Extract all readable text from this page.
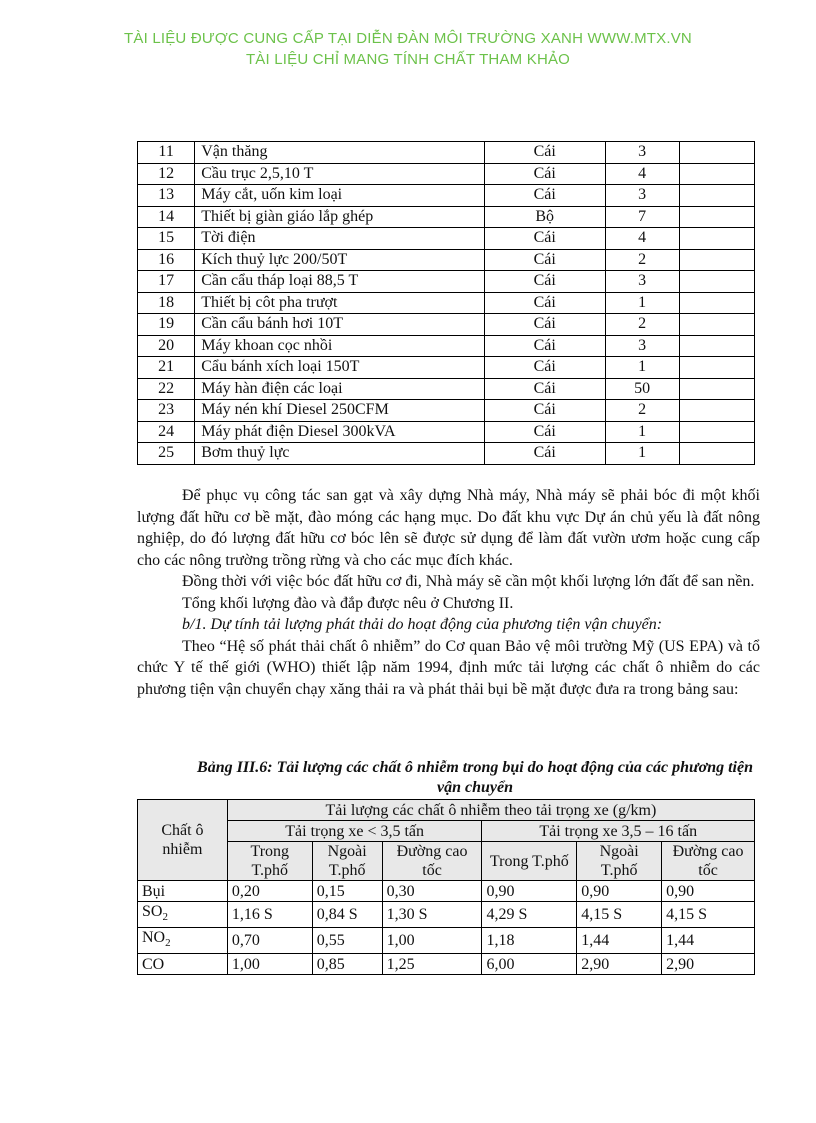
TÀI LIỆU ĐƯỢC CUNG CẤP TẠI DIỄN ĐÀN MÔI TRƯỜNG XANH WWW.MTX.VN
TÀI LIỆU CHỈ MANG TÍNH CHẤT THAM KHẢO
11	Vận thăng	Cái	3	
12	Cầu trục 2,5,10 T	Cái	4	
13	Máy cắt, uốn kim loại	Cái	3	
14	Thiết bị giàn giáo lắp ghép	Bộ	7	
15	Tời điện	Cái	4	
16	Kích thuỷ lực 200/50T	Cái	2	
17	Cần cẩu tháp loại 88,5 T	Cái	3	
18	Thiết bị côt pha trượt	Cái	1	
19	Cần cẩu bánh hơi 10T	Cái	2	
20	Máy khoan cọc nhồi	Cái	3	
21	Cẩu bánh xích loại 150T	Cái	1	
22	Máy hàn điện các loại	Cái	50	
23	Máy nén khí Diesel 250CFM	Cái	2	
24	Máy phát điện Diesel 300kVA	Cái	1	
25	Bơm thuỷ lực	Cái	1	

Để phục vụ công tác san gạt và xây dựng Nhà máy, Nhà máy sẽ phải bóc đi một khối lượng đất hữu cơ bề mặt, đào móng các hạng mục. Do đất khu vực Dự án chủ yếu là đất nông nghiệp, do đó lượng đất hữu cơ bóc lên sẽ được sử dụng để làm đất vườn ươm hoặc cung cấp cho các nông trường trồng rừng và cho các mục đích khác.

Đồng thời với việc bóc đất hữu cơ đi, Nhà máy sẽ cần một khối lượng lớn đất để san nền.

Tổng khối lượng đào và đắp được nêu ở Chương II.

b/1. Dự tính tải lượng phát thải do hoạt động của phương tiện vận chuyển:

Theo “Hệ số phát thải chất ô nhiễm” do Cơ quan Bảo vệ môi trường Mỹ (US EPA) và tổ chức Y tế thế giới (WHO) thiết lập năm 1994, định mức tải lượng các chất ô nhiễm do các phương tiện vận chuyển chạy xăng thải ra và phát thải bụi bề mặt được đưa ra trong bảng sau:

Bảng III.6: Tải lượng các chất ô nhiễm trong bụi do hoạt động của các phương tiện vận chuyển
Chất ô nhiễm	Tải lượng các chất ô nhiễm theo tải trọng xe (g/km)					
	Tải trọng xe < 3,5 tấn			Tải trọng xe 3,5 – 16 tấn		
	Trong T.phố	Ngoài T.phố	Đường cao tốc	Trong T.phố	Ngoài T.phố	Đường cao tốc
Bụi	0,20	0,15	0,30	0,90	0,90	0,90
$SO_2$	1,16 S	0,84 S	1,30 S	4,29 S	4,15 S	4,15 S
$NO_2$	0,70	0,55	1,00	1,18	1,44	1,44
CO	1,00	0,85	1,25	6,00	2,90	2,90
